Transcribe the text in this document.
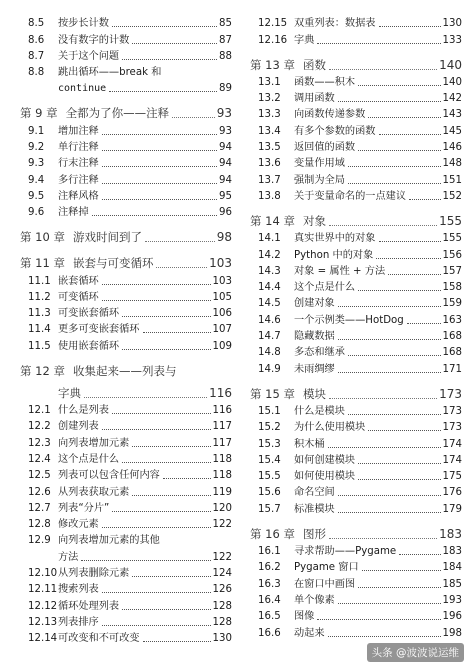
8.5	按步长计数	85
8.6	没有数字的计数	87
8.7	关于这个问题	88
8.8	跳出循环——break 和
continue	89
第 9 章 全都为了你——注释	93
9.1	增加注释	93
9.2	单行注释	94
9.3	行末注释	94
9.4	多行注释	94
9.5	注释风格	95
9.6	注释掉	96
第 10 章 游戏时间到了	98
第 11 章 嵌套与可变循环	103
11.1 嵌套循环	103
11.2 可变循环	105
11.3 可变嵌套循环	106
11.4 更多可变嵌套循环	107
11.5 使用嵌套循环	109
第 12 章 收集起来——列表与
字典	116
12.1 什么是列表	116
12.2 创建列表	117
12.3 向列表增加元素	117
12.4 这个点是什么	118
12.5 列表可以包含任何内容	118
12.6 从列表获取元素	119
12.7 列表“分片”	120
12.8 修改元素	122
12.9 向列表增加元素的其他
方法	122
12.10 从列表删除元素	124
12.11 搜索列表	126
12.12 循环处理列表	128
12.13 列表排序	128
12.14 可改变和不可改变	130
12.15 双重列表：数据表	130
12.16 字典	133
第 13 章 函数	140
13.1	函数——积木	140
13.2	调用函数	142
13.3	向函数传递参数	143
13.4	有多个参数的函数	145
13.5	返回值的函数	146
13.6	变量作用域	148
13.7	强制为全局	151
13.8	关于变量命名的一点建议	152
第 14 章 对象	155
14.1	真实世界中的对象	155
14.2	Python 中的对象	156
14.3	对象 = 属性 + 方法	157
14.4	这个点是什么	158
14.5	创建对象	159
14.6	一个示例类——HotDog	163
14.7	隐藏数据	168
14.8	多态和继承	168
14.9	未雨绸缪	171
第 15 章 模块	173
15.1	什么是模块	173
15.2	为什么使用模块	173
15.3	积木桶	174
15.4	如何创建模块	174
15.5	如何使用模块	175
15.6	命名空间	176
15.7	标准模块	179
第 16 章 图形	183
16.1	寻求帮助——Pygame	183
16.2	Pygame 窗口	184
16.3	在窗口中画图	185
16.4	单个像素	193
16.5	图像	196
16.6	动起来	198
头条 @波波说运维
